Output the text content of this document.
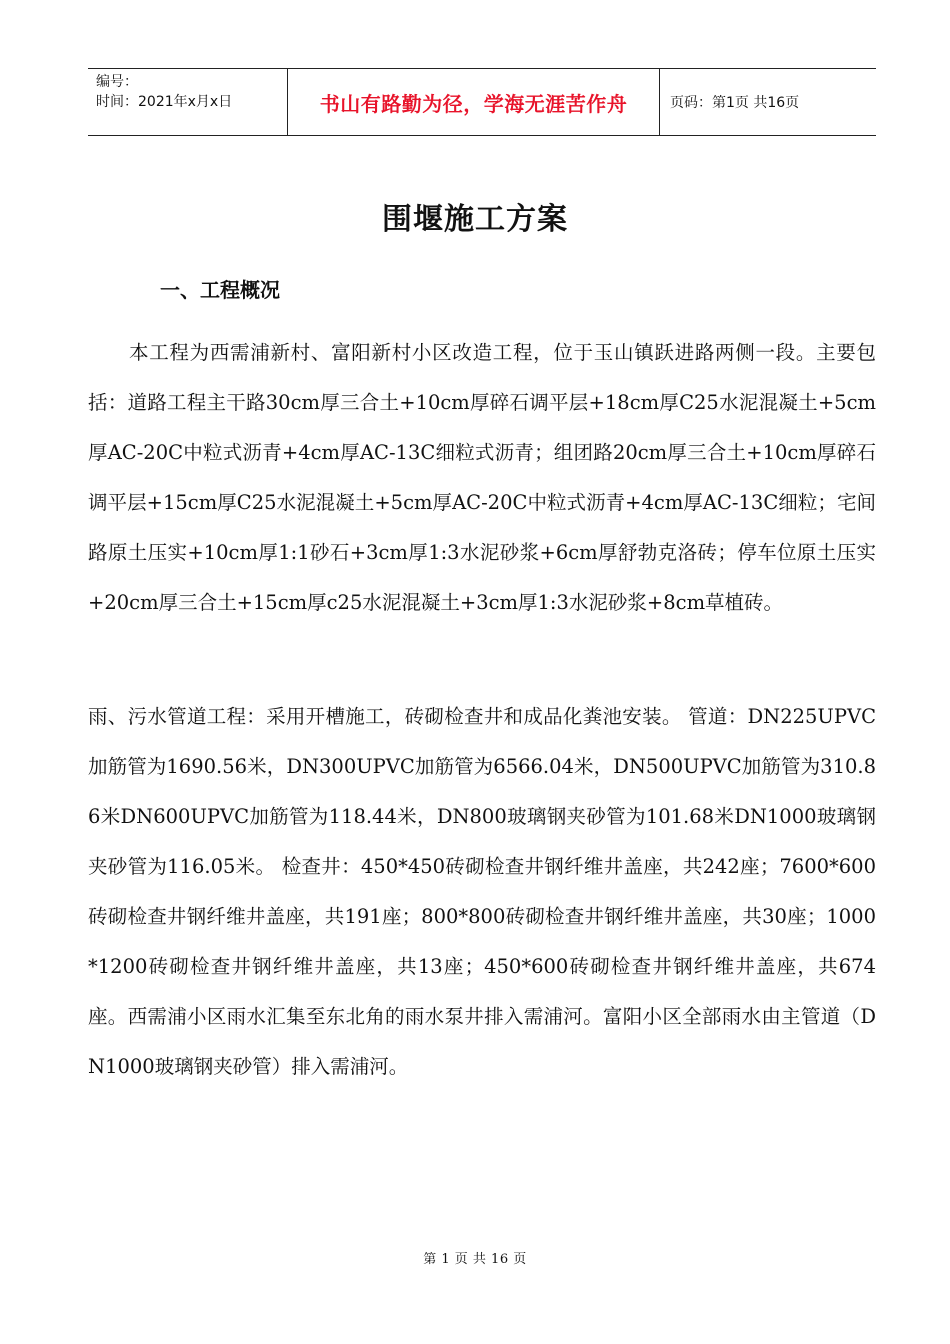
编号：
时间：2021年x月x日	书山有路勤为径，学海无涯苦作舟	页码：第1页 共16页
围堰施工方案
一、工程概况

本工程为西需浦新村、富阳新村小区改造工程，位于玉山镇跃进路两侧一段。主要包括：道路工程主干路30cm厚三合土+10cm厚碎石调平层+18cm厚C25水泥混凝土+5cm厚AC-20C中粒式沥青+4cm厚AC-13C细粒式沥青；组团路20cm厚三合土+10cm厚碎石调平层+15cm厚C25水泥混凝土+5cm厚AC-20C中粒式沥青+4cm厚AC-13C细粒；宅间路原土压实+10cm厚1:1砂石+3cm厚1:3水泥砂浆+6cm厚舒勃克洛砖；停车位原土压实+20cm厚三合土+15cm厚c25水泥混凝土+3cm厚1:3水泥砂浆+8cm草植砖。

雨、污水管道工程：采用开槽施工，砖砌检查井和成品化粪池安装。 管道：DN225UPVC加筋管为1690.56米，DN300UPVC加筋管为6566.04米，DN500UPVC加筋管为310.86米DN600UPVC加筋管为118.44米，DN800玻璃钢夹砂管为101.68米DN1000玻璃钢夹砂管为116.05米。 检查井：450*450砖砌检查井钢纤维井盖座，共242座；7600*600砖砌检查井钢纤维井盖座，共191座；800*800砖砌检查井钢纤维井盖座，共30座；1000*1200砖砌检查井钢纤维井盖座，共13座；450*600砖砌检查井钢纤维井盖座，共674座。西需浦小区雨水汇集至东北角的雨水泵井排入需浦河。富阳小区全部雨水由主管道（DN1000玻璃钢夹砂管）排入需浦河。

第 1 页 共 16 页
